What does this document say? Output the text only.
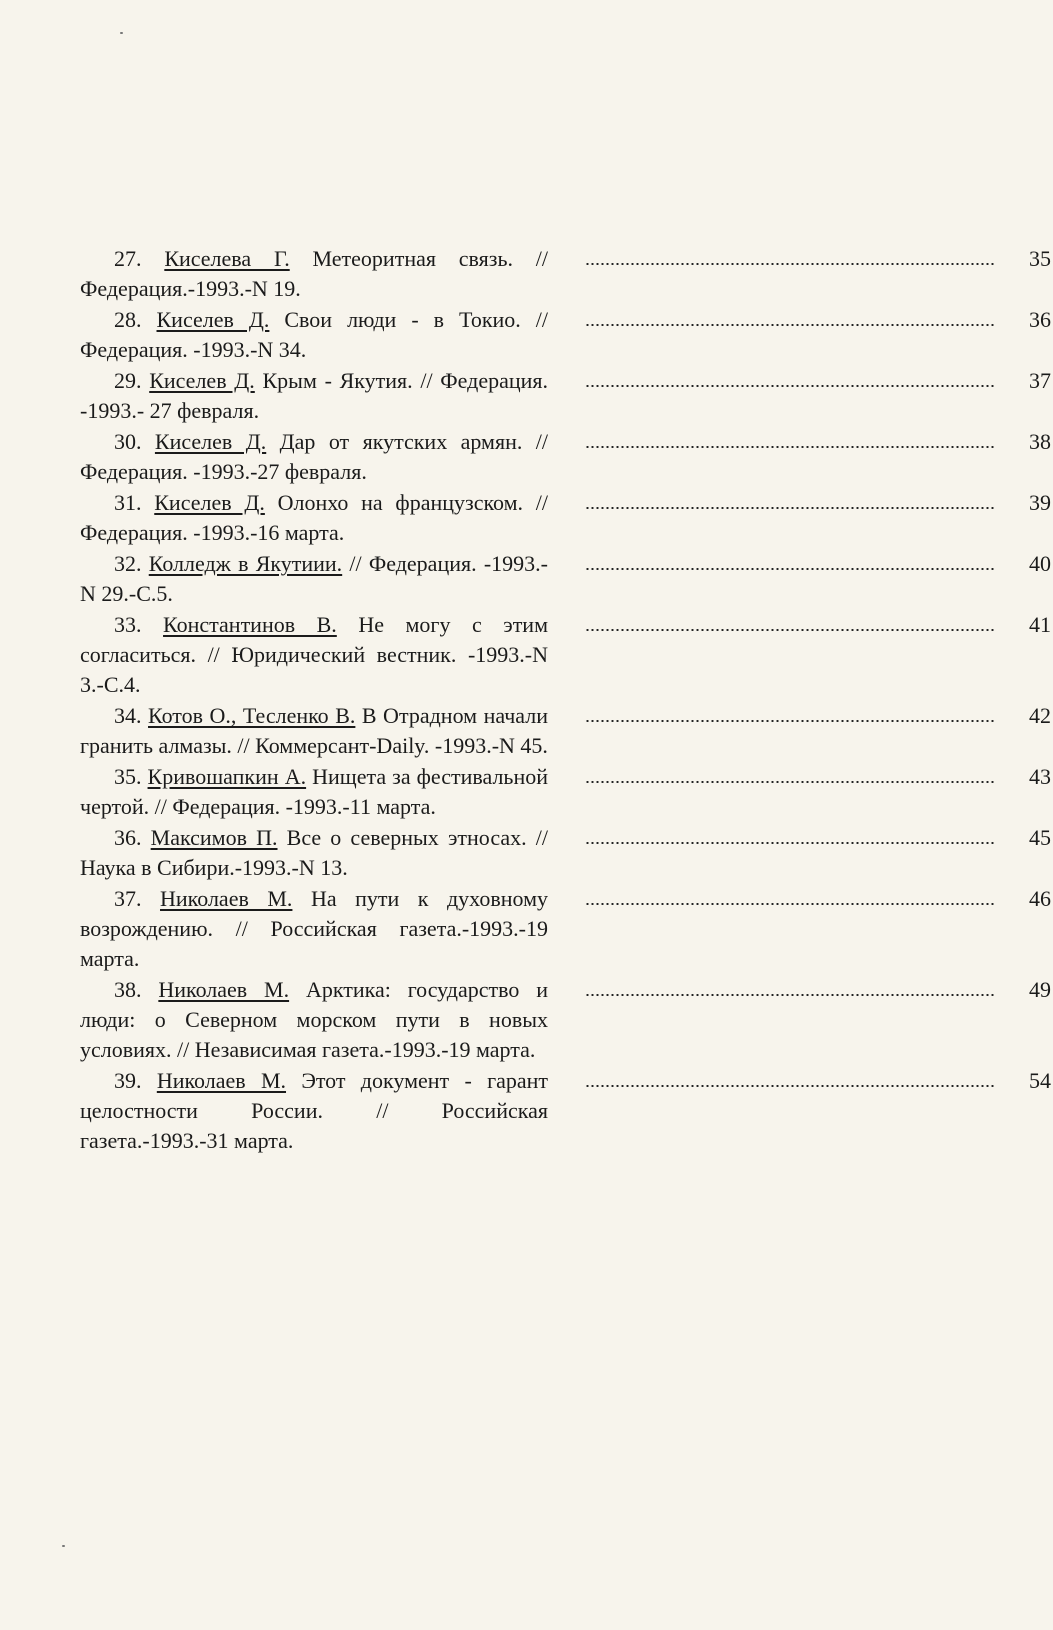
27. Киселева Г. Метеоритная связь. // Федерация.-1993.-N 19.
35
28. Киселев Д. Свои люди - в Токио. // Федерация. -1993.-N 34.
36
29. Киселев Д. Крым - Якутия. // Федерация. -1993.- 27 февраля.
37
30. Киселев Д. Дар от якутских армян. // Федерация. -1993.-27 февраля.
38
31. Киселев Д. Олонхо на французском. // Федерация. -1993.-16 марта.
39
32. Колледж в Якутиии. // Федерация. -1993.-N 29.-С.5.
40
33. Константинов В. Не могу с этим согласиться. // Юридический вестник. -1993.-N 3.-С.4.
41
34. Котов О., Тесленко В. В Отрадном начали гранить алмазы. // Коммерсант-Daily. -1993.-N 45.
42
35. Кривошапкин А. Нищета за фестивальной чертой. // Федерация. -1993.-11 марта.
43
36. Максимов П. Все о северных этносах. // Наука в Сибири.-1993.-N 13.
45
37. Николаев М. На пути к духовному возрождению. // Российская газета.-1993.-19 марта.
46
38. Николаев М. Арктика: государство и люди: о Северном морском пути в новых условиях. // Независимая газета.-1993.-19 марта.
49
39. Николаев М. Этот документ - гарант целостности России. // Российская газета.-1993.-31 марта.
54
